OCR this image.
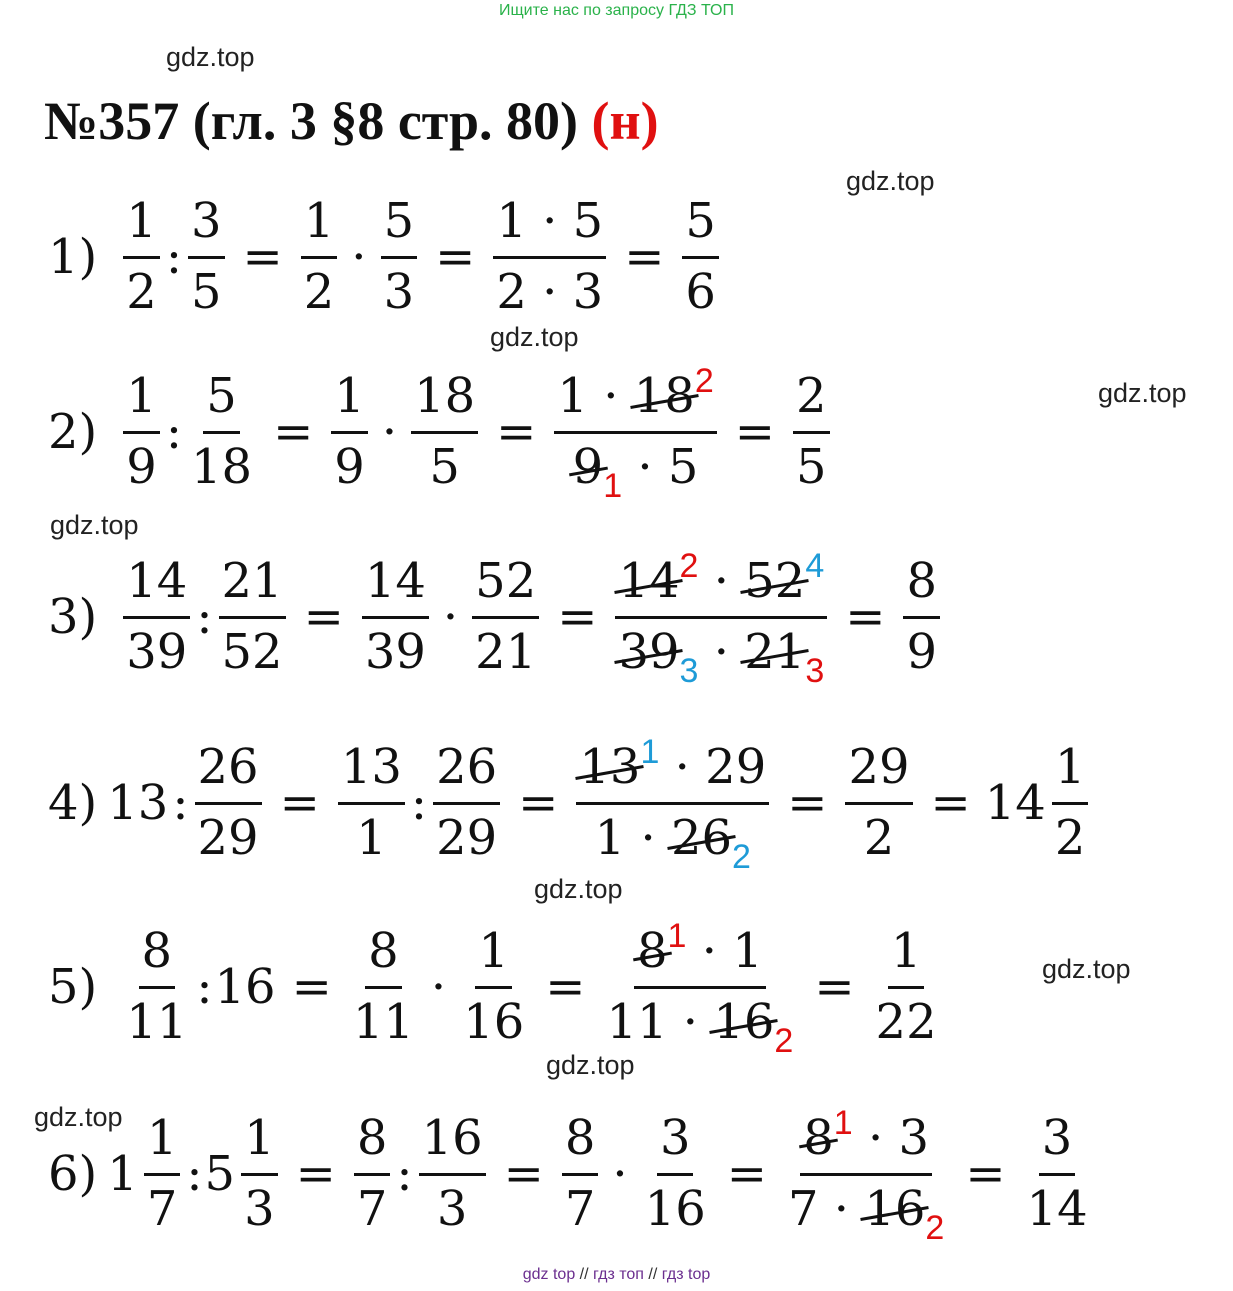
Ищите нас по запросу ГДЗ ТОП
gdz.top
gdz.top
gdz.top
gdz.top
gdz.top
gdz.top
gdz.top
gdz.top
gdz.top
№357 (гл. 3 §8 стр. 80) (н)
$1) \frac{1}{2}$ : $\frac{3}{5} = \frac{1}{2} \cdot \frac{5}{3} = \frac{1 \cdot 5}{2 \cdot 3} = \frac{5}{6}$
$2) \frac{1}{9}$ : $\frac{5}{18} = \frac{1}{9} \cdot \frac{18}{5} = \frac{1 \cdot 18^2}{9_1 \cdot 5} = \frac{2}{5}$
$3) \frac{14}{39}$ : $\frac{21}{52} = \frac{14}{39} \cdot \frac{52}{21} = \frac{14^2 \cdot 52^4}{39_3 \cdot 21_3} = \frac{8}{9}$
4) 13 : $\frac{26}{29} = \frac{13}{1}$ : $\frac{26}{29} = \frac{13^1 \cdot 29}{1 \cdot 26_2} = \frac{29}{2} = 14 \frac{1}{2}$
$5) \frac{8}{11}$ : $16 = \frac{8}{11} \cdot \frac{1}{16} = \frac{8^1 \cdot 1}{11 \cdot 16_2} = \frac{1}{22}$
6) $1 \frac{1}{7}$ : $5 \frac{1}{3} = \frac{8}{7}$ : $\frac{16}{3} = \frac{8}{7} \cdot \frac{3}{16} = \frac{8^1 \cdot 3}{7 \cdot 16_2} = \frac{3}{14}$
gdz top // гдз топ // гдз top
